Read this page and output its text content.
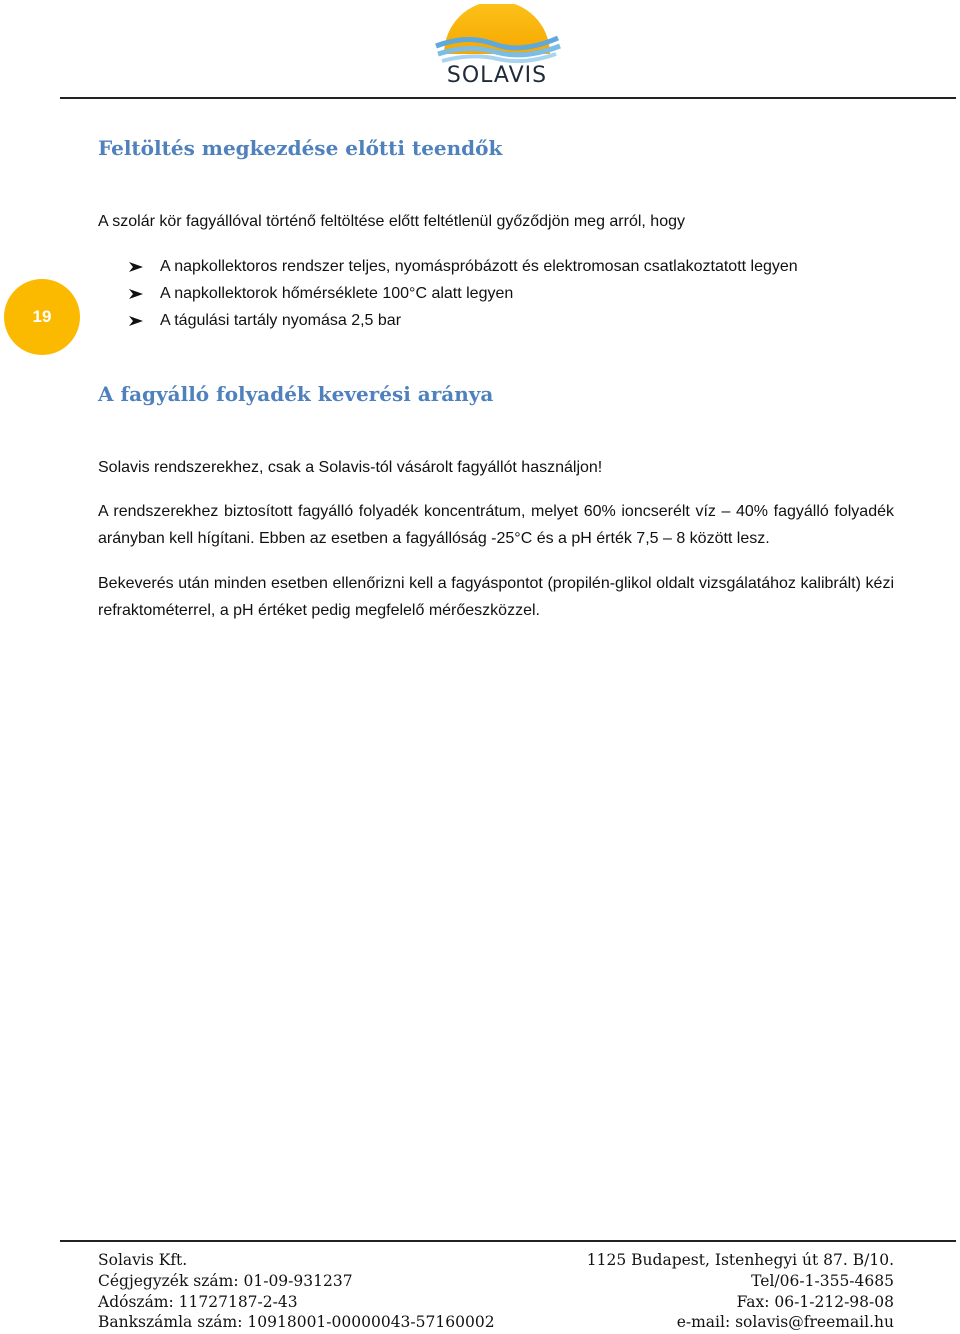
SOLAVIS
19
Feltöltés megkezdése előtti teendők

A szolár kör fagyállóval történő feltöltése előtt feltétlenül győződjön meg arról, hogy

A napkollektoros rendszer teljes, nyomáspróbázott és elektromosan csatlakoztatott legyen
A napkollektorok hőmérséklete 100°C alatt legyen
A tágulási tartály nyomása 2,5 bar
A fagyálló folyadék keverési aránya

Solavis rendszerekhez, csak a Solavis-tól vásárolt fagyállót használjon!

A rendszerekhez biztosított fagyálló folyadék koncentrátum, melyet 60% ioncserélt víz – 40% fagyálló folyadék arányban kell hígítani. Ebben az esetben a fagyállóság -25°C és a pH érték 7,5 – 8 között lesz.

Bekeverés után minden esetben ellenőrizni kell a fagyáspontot (propilén-glikol oldalt vizsgálatához kalibrált) kézi refraktométerrel, a pH értéket pedig megfelelő mérőeszközzel.

Solavis Kft.
Cégjegyzék szám: 01-09-931237
Adószám: 11727187-2-43
Bankszámla szám: 10918001-00000043-57160002
1125 Budapest, Istenhegyi út 87. B/10.
Tel/06-1-355-4685
Fax: 06-1-212-98-08
e-mail: solavis@freemail.hu
